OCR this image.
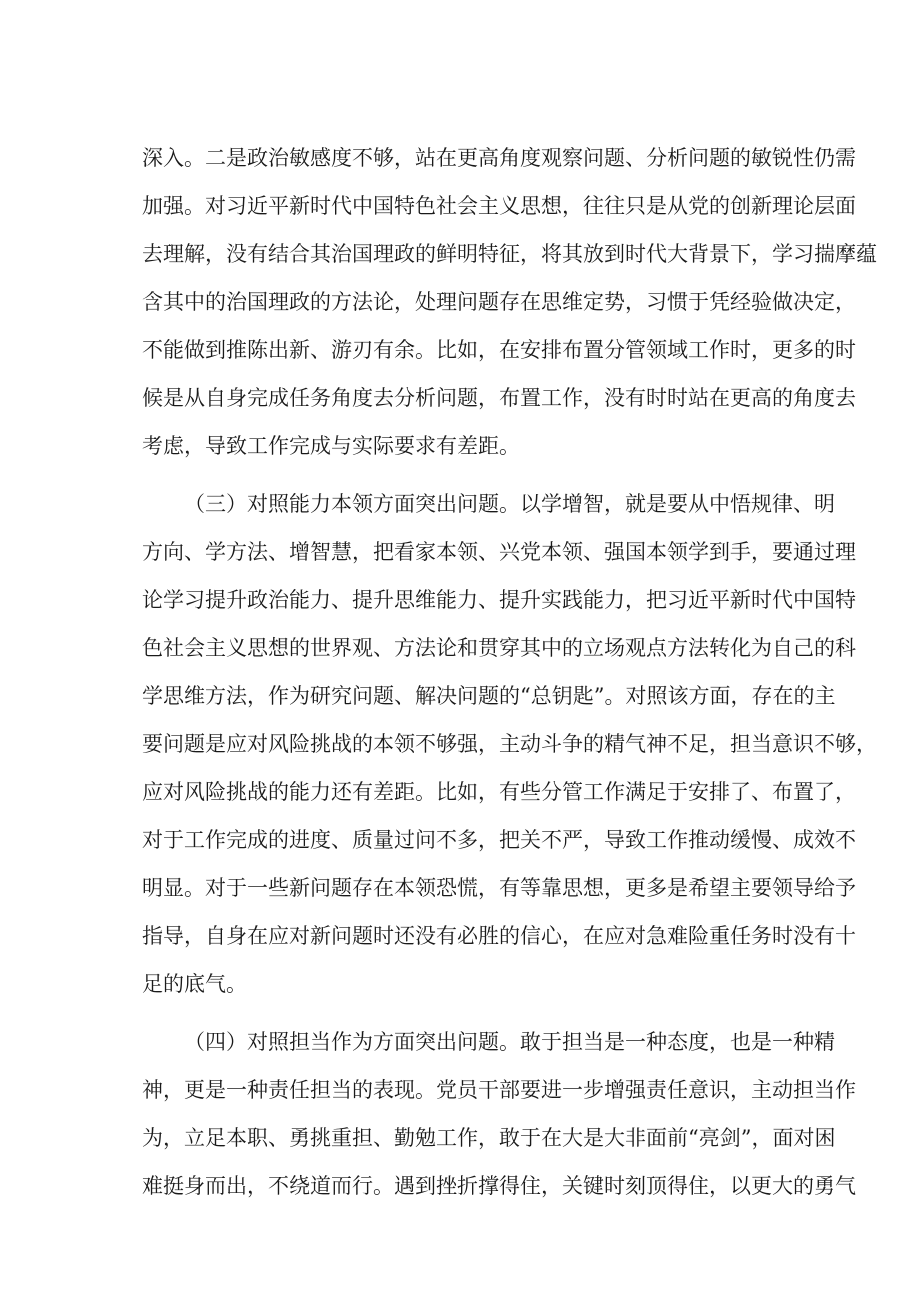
深入。二是政治敏感度不够，站在更高角度观察问题、分析问题的敏锐性仍需
加强。对习近平新时代中国特色社会主义思想，往往只是从党的创新理论层面
去理解，没有结合其治国理政的鲜明特征，将其放到时代大背景下，学习揣摩蕴
含其中的治国理政的方法论，处理问题存在思维定势，习惯于凭经验做决定，
不能做到推陈出新、游刃有余。比如，在安排布置分管领域工作时，更多的时
候是从自身完成任务角度去分析问题，布置工作，没有时时站在更高的角度去
考虑，导致工作完成与实际要求有差距。
（三）对照能力本领方面突出问题。以学增智，就是要从中悟规律、明
方向、学方法、增智慧，把看家本领、兴党本领、强国本领学到手，要通过理
论学习提升政治能力、提升思维能力、提升实践能力，把习近平新时代中国特
色社会主义思想的世界观、方法论和贯穿其中的立场观点方法转化为自己的科
学思维方法，作为研究问题、解决问题的“总钥匙”。对照该方面，存在的主
要问题是应对风险挑战的本领不够强，主动斗争的精气神不足，担当意识不够，
应对风险挑战的能力还有差距。比如，有些分管工作满足于安排了、布置了，
对于工作完成的进度、质量过问不多，把关不严，导致工作推动缓慢、成效不
明显。对于一些新问题存在本领恐慌，有等靠思想，更多是希望主要领导给予
指导，自身在应对新问题时还没有必胜的信心，在应对急难险重任务时没有十
足的底气。
（四）对照担当作为方面突出问题。敢于担当是一种态度，也是一种精
神，更是一种责任担当的表现。党员干部要进一步增强责任意识，主动担当作
为，立足本职、勇挑重担、勤勉工作，敢于在大是大非面前“亮剑”，面对困
难挺身而出，不绕道而行。遇到挫折撑得住，关键时刻顶得住，以更大的勇气
